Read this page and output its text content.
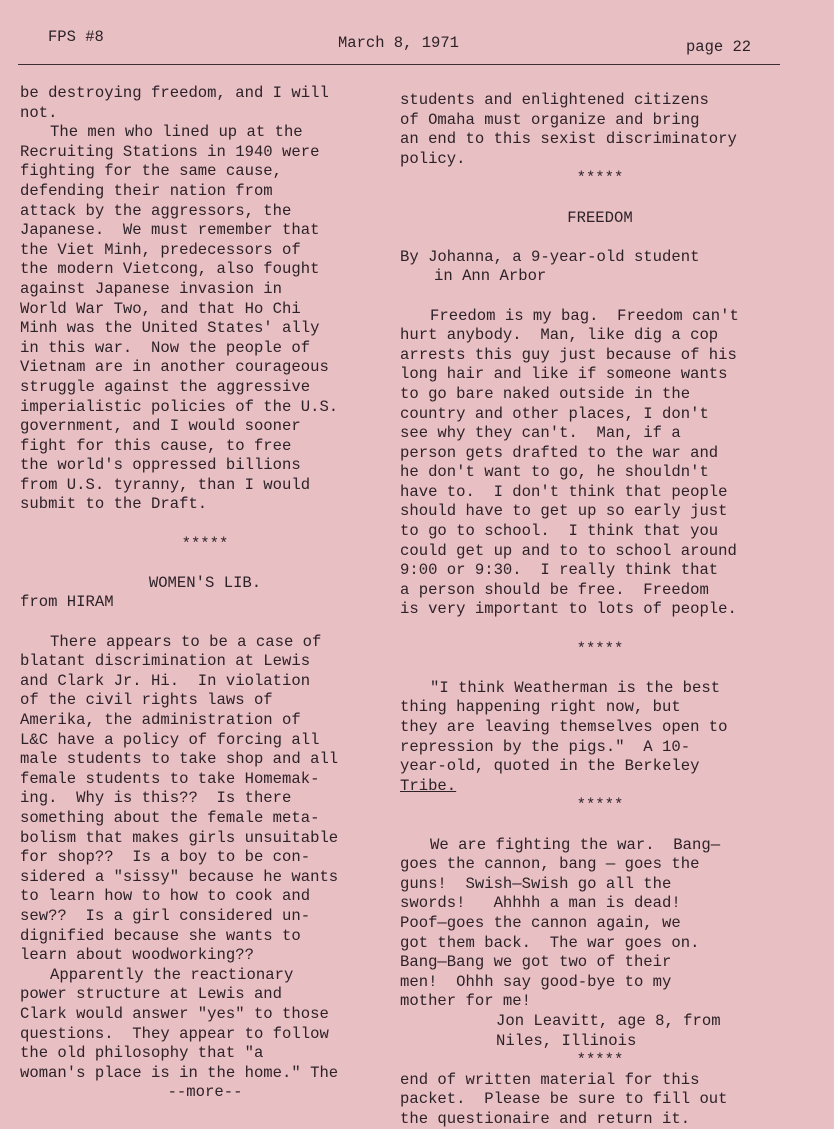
FPS #8	March 8, 1971	page 22
be destroying freedom, and I will
not.
The men who lined up at the
Recruiting Stations in 1940 were
fighting for the same cause,
defending their nation from
attack by the aggressors, the
Japanese.  We must remember that
the Viet Minh, predecessors of
the modern Vietcong, also fought
against Japanese invasion in
World War Two, and that Ho Chi
Minh was the United States' ally
in this war.  Now the people of
Vietnam are in another courageous
struggle against the aggressive
imperialistic policies of the U.S.
government, and I would sooner
fight for this cause, to free
the world's oppressed billions
from U.S. tyranny, than I would
submit to the Draft.
*****
WOMEN'S LIB.
from HIRAM
There appears to be a case of
blatant discrimination at Lewis
and Clark Jr. Hi.  In violation
of the civil rights laws of
Amerika, the administration of
L&C have a policy of forcing all
male students to take shop and all
female students to take Homemak-
ing.  Why is this??  Is there
something about the female meta-
bolism that makes girls unsuitable
for shop??  Is a boy to be con-
sidered a "sissy" because he wants
to learn how to how to cook and
sew??  Is a girl considered un-
dignified because she wants to
learn about woodworking??
Apparently the reactionary
power structure at Lewis and
Clark would answer "yes" to those
questions.  They appear to follow
the old philosophy that "a
woman's place is in the home." The
--more--
students and enlightened citizens
of Omaha must organize and bring
an end to this sexist discriminatory
policy.
*****
FREEDOM
By Johanna, a 9-year-old student
in Ann Arbor
Freedom is my bag.  Freedom can't
hurt anybody.  Man, like dig a cop
arrests this guy just because of his
long hair and like if someone wants
to go bare naked outside in the
country and other places, I don't
see why they can't.  Man, if a
person gets drafted to the war and
he don't want to go, he shouldn't
have to.  I don't think that people
should have to get up so early just
to go to school.  I think that you
could get up and to to school around
9:00 or 9:30.  I really think that
a person should be free.  Freedom
is very important to lots of people.
*****
"I think Weatherman is the best
thing happening right now, but
they are leaving themselves open to
repression by the pigs."  A 10-
year-old, quoted in the Berkeley
Tribe.
*****
We are fighting the war.  Bang—
goes the cannon, bang — goes the
guns!  Swish—Swish go all the
swords!   Ahhhh a man is dead!
Poof—goes the cannon again, we
got them back.  The war goes on.
Bang—Bang we got two of their
men!  Ohhh say good-bye to my
mother for me!
Jon Leavitt, age 8, from
Niles, Illinois
*****
end of written material for this
packet.  Please be sure to fill out
the questionaire and return it.
